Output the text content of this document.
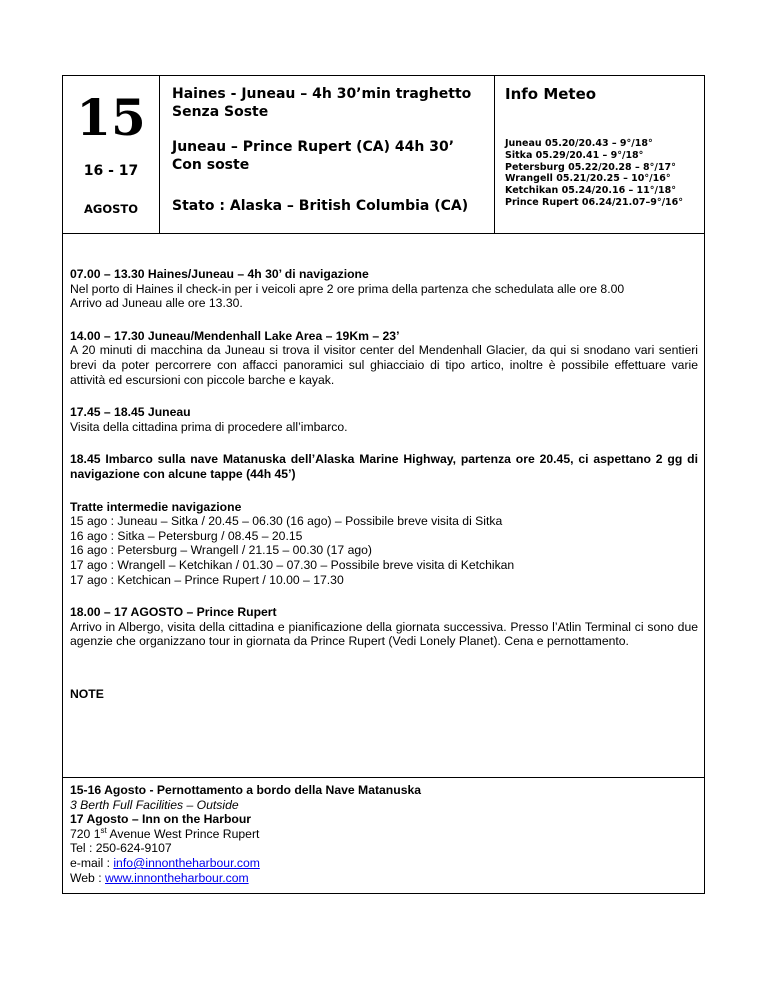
15
16 - 17
AGOSTO
Haines - Juneau – 4h 30’min traghetto
Senza Soste
Juneau – Prince Rupert (CA) 44h 30’
Con soste
Stato : Alaska – British Columbia (CA)
Info Meteo
Juneau 05.20/20.43 – 9°/18°
Sitka 05.29/20.41 – 9°/18°
Petersburg 05.22/20.28 – 8°/17°
Wrangell 05.21/20.25 – 10°/16°
Ketchikan 05.24/20.16 – 11°/18°
Prince Rupert 06.24/21.07–9°/16°

07.00 – 13.30 Haines/Juneau – 4h 30’ di navigazione

Nel porto di Haines il check-in per i veicoli apre 2 ore prima della partenza che schedulata alle ore 8.00

Arrivo ad Juneau alle ore 13.30.

14.00 – 17.30 Juneau/Mendenhall Lake Area – 19Km – 23’

A 20 minuti di macchina da Juneau si trova il visitor center del Mendenhall Glacier, da qui si snodano vari sentieri brevi da poter percorrere con affacci panoramici sul ghiacciaio di tipo artico, inoltre è possibile effettuare varie attività ed escursioni con piccole barche e kayak.

17.45 – 18.45 Juneau

Visita della cittadina prima di procedere all’imbarco.

18.45 Imbarco sulla nave Matanuska dell’Alaska Marine Highway, partenza ore 20.45, ci aspettano 2 gg di navigazione con alcune tappe (44h 45’)

Tratte intermedie navigazione

15 ago : Juneau – Sitka / 20.45 – 06.30 (16 ago) – Possibile breve visita di Sitka

16 ago : Sitka – Petersburg / 08.45 – 20.15

16 ago : Petersburg – Wrangell / 21.15 – 00.30 (17 ago)

17 ago : Wrangell – Ketchikan / 01.30 – 07.30 – Possibile breve visita di Ketchikan

17 ago : Ketchican – Prince Rupert / 10.00 – 17.30

18.00 – 17 AGOSTO – Prince Rupert

Arrivo in Albergo, visita della cittadina e pianificazione della giornata successiva. Presso l’Atlin Terminal ci sono due agenzie che organizzano tour in giornata da Prince Rupert (Vedi Lonely Planet). Cena e pernottamento.

NOTE

15-16 Agosto - Pernottamento a bordo della Nave Matanuska

3 Berth Full Facilities – Outside

17 Agosto – Inn on the Harbour

720 1st Avenue West Prince Rupert

Tel : 250-624-9107

e-mail : info@innontheharbour.com

Web : www.innontheharbour.com
